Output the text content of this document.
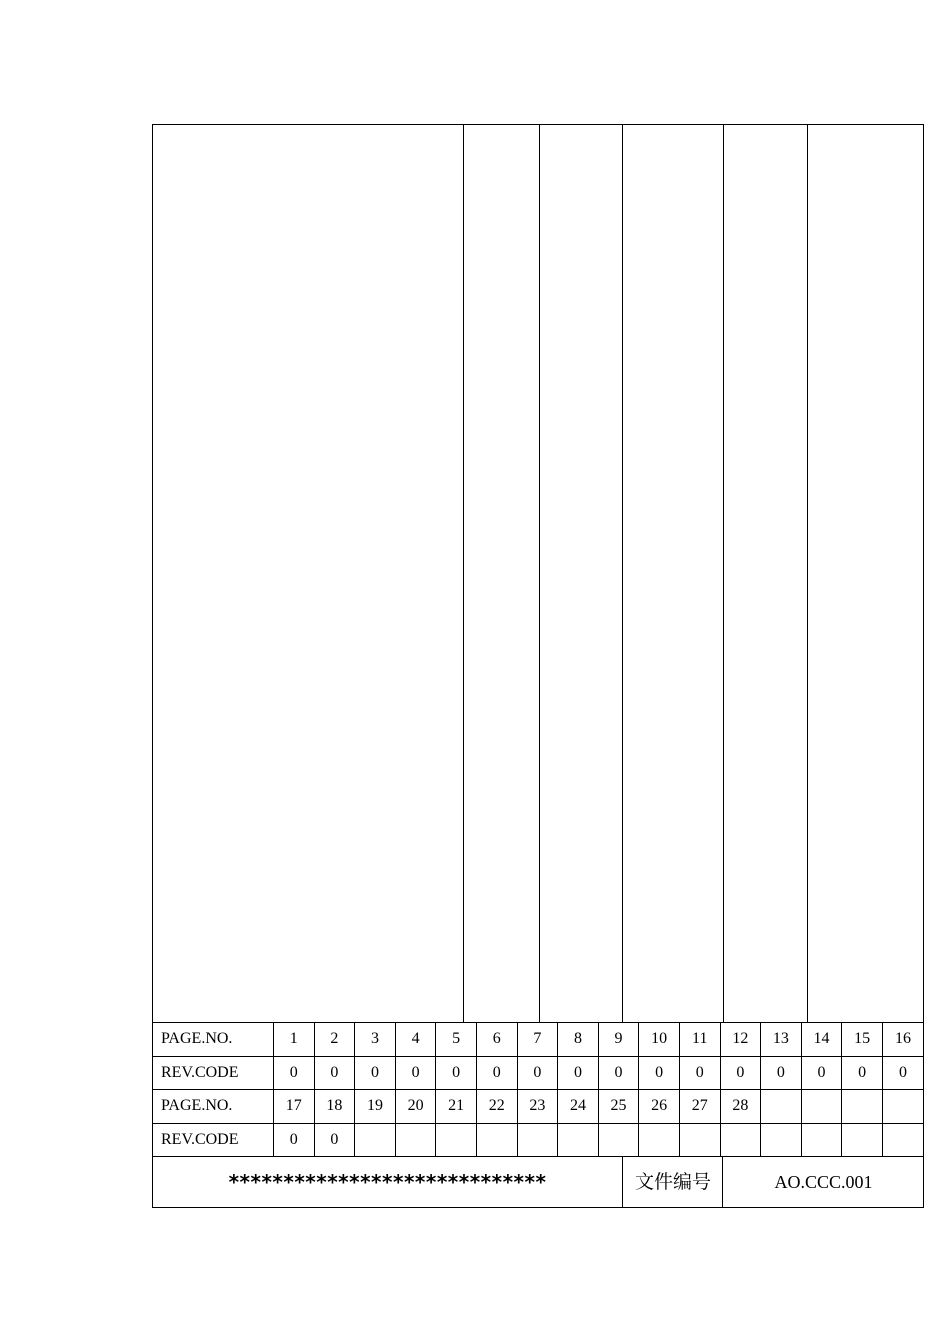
PAGE.NO.	1	2	3	4	5	6	7	8	9	10	11	12	13	14	15	16
REV.CODE	0	0	0	0	0	0	0	0	0	0	0	0	0	0	0	0
PAGE.NO.	17	18	19	20	21	22	23	24	25	26	27	28				
REV.CODE	0	0														
*****************************	文件编号	AO.CCC.001
